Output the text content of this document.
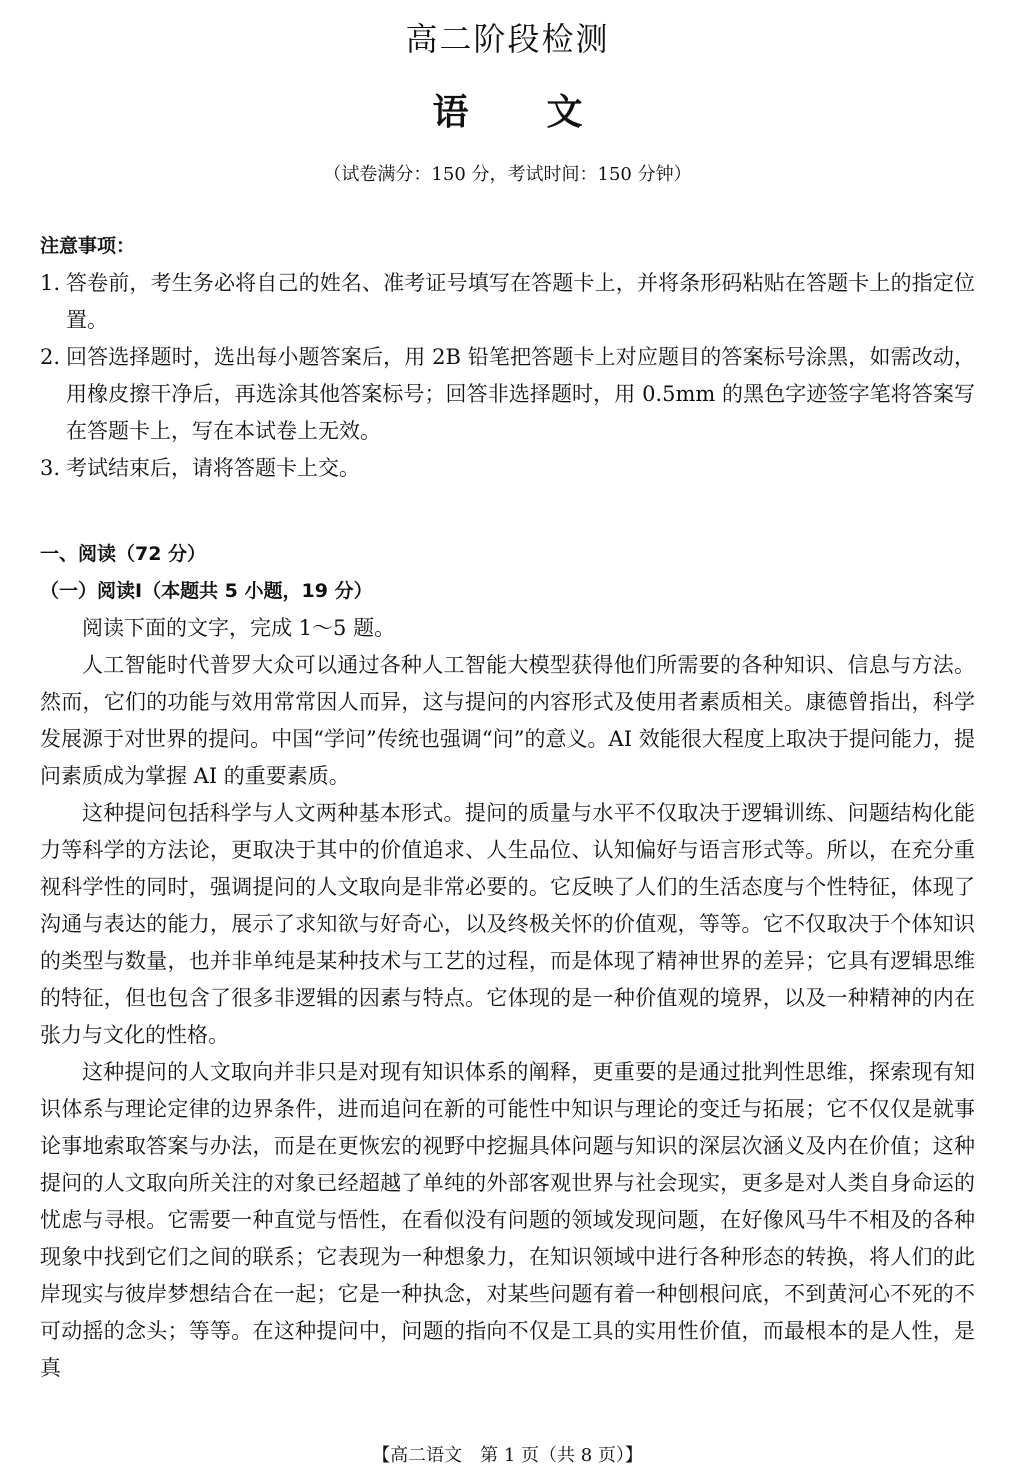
高二阶段检测
语 文
（试卷满分：150 分，考试时间：150 分钟）
注意事项：
1. 答卷前，考生务必将自己的姓名、准考证号填写在答题卡上，并将条形码粘贴在答题卡上的指定位置。
2. 回答选择题时，选出每小题答案后，用 2B 铅笔把答题卡上对应题目的答案标号涂黑，如需改动，用橡皮擦干净后，再选涂其他答案标号；回答非选择题时，用 0.5mm 的黑色字迹签字笔将答案写在答题卡上，写在本试卷上无效。
3. 考试结束后，请将答题卡上交。
一、阅读（72 分）
（一）阅读Ⅰ（本题共 5 小题，19 分）
阅读下面的文字，完成 1～5 题。
人工智能时代普罗大众可以通过各种人工智能大模型获得他们所需要的各种知识、信息与方法。然而，它们的功能与效用常常因人而异，这与提问的内容形式及使用者素质相关。康德曾指出，科学发展源于对世界的提问。中国“学问”传统也强调“问”的意义。AI 效能很大程度上取决于提问能力，提问素质成为掌握 AI 的重要素质。
这种提问包括科学与人文两种基本形式。提问的质量与水平不仅取决于逻辑训练、问题结构化能力等科学的方法论，更取决于其中的价值追求、人生品位、认知偏好与语言形式等。所以，在充分重视科学性的同时，强调提问的人文取向是非常必要的。它反映了人们的生活态度与个性特征，体现了沟通与表达的能力，展示了求知欲与好奇心，以及终极关怀的价值观，等等。它不仅取决于个体知识的类型与数量，也并非单纯是某种技术与工艺的过程，而是体现了精神世界的差异；它具有逻辑思维的特征，但也包含了很多非逻辑的因素与特点。它体现的是一种价值观的境界，以及一种精神的内在张力与文化的性格。
这种提问的人文取向并非只是对现有知识体系的阐释，更重要的是通过批判性思维，探索现有知识体系与理论定律的边界条件，进而追问在新的可能性中知识与理论的变迁与拓展；它不仅仅是就事论事地索取答案与办法，而是在更恢宏的视野中挖掘具体问题与知识的深层次涵义及内在价值；这种提问的人文取向所关注的对象已经超越了单纯的外部客观世界与社会现实，更多是对人类自身命运的忧虑与寻根。它需要一种直觉与悟性，在看似没有问题的领域发现问题，在好像风马牛不相及的各种现象中找到它们之间的联系；它表现为一种想象力，在知识领域中进行各种形态的转换，将人们的此岸现实与彼岸梦想结合在一起；它是一种执念，对某些问题有着一种刨根问底，不到黄河心不死的不可动摇的念头；等等。在这种提问中，问题的指向不仅是工具的实用性价值，而最根本的是人性，是真
【高二语文　第 1 页（共 8 页）】
